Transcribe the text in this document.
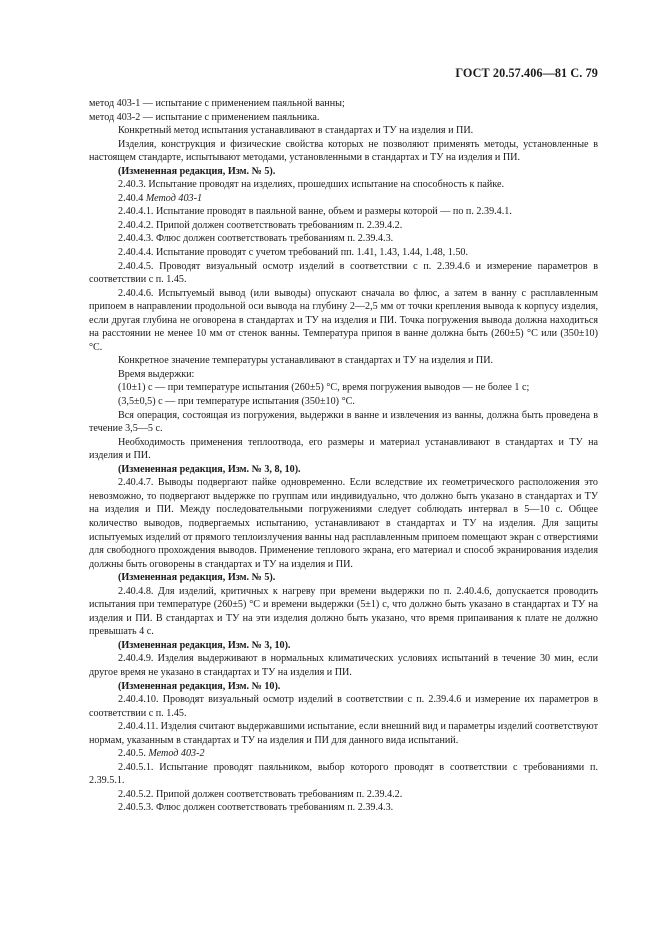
ГОСТ 20.57.406—81 С. 79

метод 403-1 — испытание с применением паяльной ванны;

метод 403-2 — испытание с применением паяльника.

Конкретный метод испытания устанавливают в стандартах и ТУ на изделия и ПИ.

Изделия, конструкция и физические свойства которых не позволяют применять методы, установленные в настоящем стандарте, испытывают методами, установленными в стандартах и ТУ на изделия и ПИ.

(Измененная редакция, Изм. № 5).

2.40.3. Испытание проводят на изделиях, прошедших испытание на способность к пайке.

2.40.4 Метод 403-1

2.40.4.1. Испытание проводят в паяльной ванне, объем и размеры которой — по п. 2.39.4.1.

2.40.4.2. Припой должен соответствовать требованиям п. 2.39.4.2.

2.40.4.3. Флюс должен соответствовать требованиям п. 2.39.4.3.

2.40.4.4. Испытание проводят с учетом требований пп. 1.41, 1.43, 1.44, 1.48, 1.50.

2.40.4.5. Проводят визуальный осмотр изделий в соответствии с п. 2.39.4.6 и измерение параметров в соответствии с п. 1.45.

2.40.4.6. Испытуемый вывод (или выводы) опускают сначала во флюс, а затем в ванну с расплавленным припоем в направлении продольной оси вывода на глубину 2—2,5 мм от точки крепления вывода к корпусу изделия, если другая глубина не оговорена в стандартах и ТУ на изделия и ПИ. Точка погружения вывода должна находиться на расстоянии не менее 10 мм от стенок ванны. Температура припоя в ванне должна быть (260±5) °С или (350±10) °С.

Конкретное значение температуры устанавливают в стандартах и ТУ на изделия и ПИ.

Время выдержки:

(10±1) с — при температуре испытания (260±5) °С, время погружения выводов — не более 1 с;

(3,5±0,5) с — при температуре испытания (350±10) °С.

Вся операция, состоящая из погружения, выдержки в ванне и извлечения из ванны, должна быть проведена в течение 3,5—5 с.

Необходимость применения теплоотвода, его размеры и материал устанавливают в стандартах и ТУ на изделия и ПИ.

(Измененная редакция, Изм. № 3, 8, 10).

2.40.4.7. Выводы подвергают пайке одновременно. Если вследствие их геометрического расположения это невозможно, то подвергают выдержке по группам или индивидуально, что должно быть указано в стандартах и ТУ на изделия и ПИ. Между последовательными погружениями следует соблюдать интервал в 5—10 с. Общее количество выводов, подвергаемых испытанию, устанавливают в стандартах и ТУ на изделия. Для защиты испытуемых изделий от прямого теплоизлучения ванны над расплавленным припоем помещают экран с отверстиями для свободного прохождения выводов. Применение теплового экрана, его материал и способ экранирования изделия должны быть оговорены в стандартах и ТУ на изделия и ПИ.

(Измененная редакция, Изм. № 5).

2.40.4.8. Для изделий, критичных к нагреву при времени выдержки по п. 2.40.4.6, допускается проводить испытания при температуре (260±5) °С и времени выдержки (5±1) с, что должно быть указано в стандартах и ТУ на изделия и ПИ. В стандартах и ТУ на эти изделия должно быть указано, что время припаивания к плате не должно превышать 4 с.

(Измененная редакция, Изм. № 3, 10).

2.40.4.9. Изделия выдерживают в нормальных климатических условиях испытаний в течение 30 мин, если другое время не указано в стандартах и ТУ на изделия и ПИ.

(Измененная редакция, Изм. № 10).

2.40.4.10. Проводят визуальный осмотр изделий в соответствии с п. 2.39.4.6 и измерение их параметров в соответствии с п. 1.45.

2.40.4.11. Изделия считают выдержавшими испытание, если внешний вид и параметры изделий соответствуют нормам, указанным в стандартах и ТУ на изделия и ПИ для данного вида испытаний.

2.40.5. Метод 403-2

2.40.5.1. Испытание проводят паяльником, выбор которого проводят в соответствии с требованиями п. 2.39.5.1.

2.40.5.2. Припой должен соответствовать требованиям п. 2.39.4.2.

2.40.5.3. Флюс должен соответствовать требованиям п. 2.39.4.3.
